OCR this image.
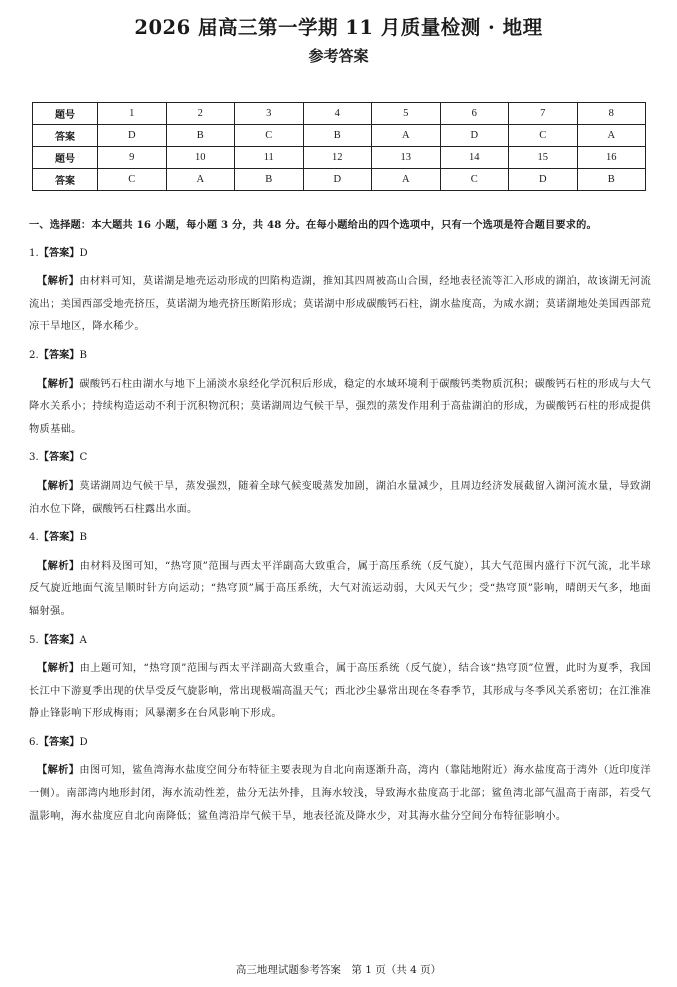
2026 届高三第一学期 11 月质量检测 · 地理
参考答案
题号	1	2	3	4	5	6	7	8
答案	D	B	C	B	A	D	C	A
题号	9	10	11	12	13	14	15	16
答案	C	A	B	D	A	C	D	B

一、选择题：本大题共 16 小题，每小题 3 分，共 48 分。在每小题给出的四个选项中，只有一个选项是符合题目要求的。

1.【答案】D

【解析】由材料可知，莫诺湖是地壳运动形成的凹陷构造湖，推知其四周被高山合围，经地表径流等汇入形成的湖泊，故该湖无河流流出；美国西部受地壳挤压，莫诺湖为地壳挤压断陷形成；莫诺湖中形成碳酸钙石柱，湖水盐度高，为咸水湖；莫诺湖地处美国西部荒凉干旱地区，降水稀少。

2.【答案】B

【解析】碳酸钙石柱由湖水与地下上涌淡水泉经化学沉积后形成，稳定的水域环境利于碳酸钙类物质沉积；碳酸钙石柱的形成与大气降水关系小；持续构造运动不利于沉积物沉积；莫诺湖周边气候干旱，强烈的蒸发作用利于高盐湖泊的形成，为碳酸钙石柱的形成提供物质基础。

3.【答案】C

【解析】莫诺湖周边气候干旱，蒸发强烈，随着全球气候变暖蒸发加剧，湖泊水量减少，且周边经济发展截留入湖河流水量，导致湖泊水位下降，碳酸钙石柱露出水面。

4.【答案】B

【解析】由材料及图可知，“热穹顶”范围与西太平洋副高大致重合，属于高压系统（反气旋），其大气范围内盛行下沉气流，北半球反气旋近地面气流呈顺时针方向运动；“热穹顶”属于高压系统，大气对流运动弱，大风天气少；受“热穹顶”影响，晴朗天气多，地面辐射强。

5.【答案】A

【解析】由上题可知，“热穹顶”范围与西太平洋副高大致重合，属于高压系统（反气旋），结合该“热穹顶”位置，此时为夏季，我国长江中下游夏季出现的伏旱受反气旋影响，常出现极端高温天气；西北沙尘暴常出现在冬春季节，其形成与冬季风关系密切；在江淮准静止锋影响下形成梅雨；风暴潮多在台风影响下形成。

6.【答案】D

【解析】由图可知，鲨鱼湾海水盐度空间分布特征主要表现为自北向南逐渐升高，湾内（靠陆地附近）海水盐度高于湾外（近印度洋一侧）。南部湾内地形封闭，海水流动性差，盐分无法外排，且海水较浅，导致海水盐度高于北部；鲨鱼湾北部气温高于南部，若受气温影响，海水盐度应自北向南降低；鲨鱼湾沿岸气候干旱，地表径流及降水少，对其海水盐分空间分布特征影响小。

高三地理试题参考答案　第 1 页（共 4 页）
